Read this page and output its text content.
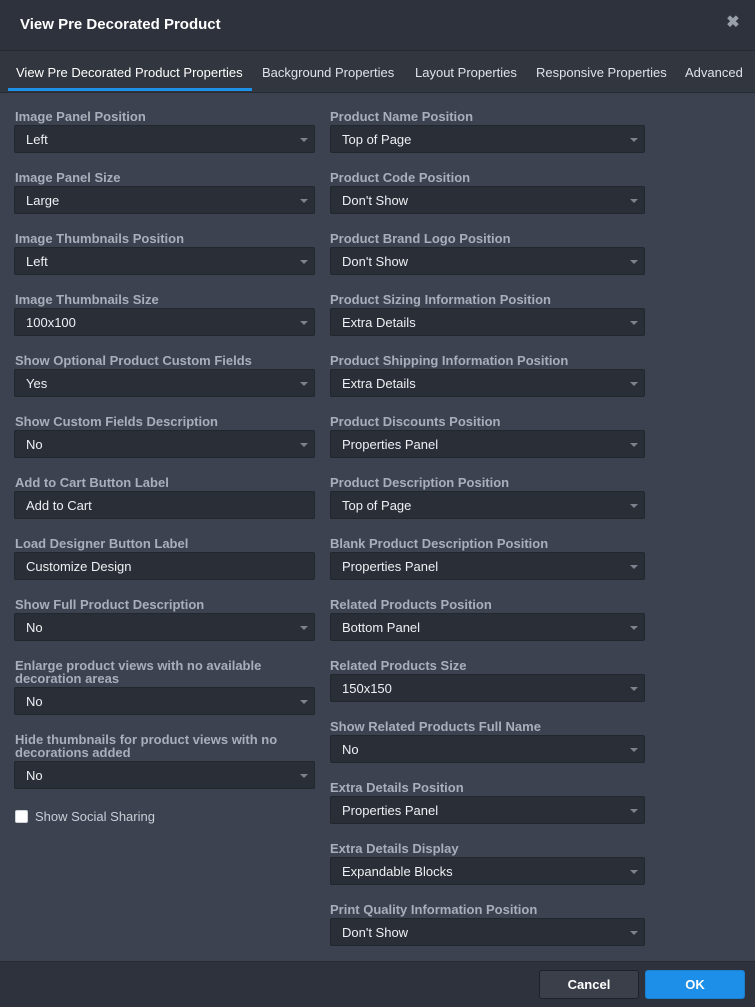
View Pre Decorated Product	✖
View Pre Decorated Product Properties Background Properties Layout Properties Responsive Properties Advanced
Image Panel Position
Left
Image Panel Size
Large
Image Thumbnails Position
Left
Image Thumbnails Size
100x100
Show Optional Product Custom Fields
Yes
Show Custom Fields Description
No
Add to Cart Button Label
Add to Cart
Load Designer Button Label
Customize Design
Show Full Product Description
No
Enlarge product views with no available decoration areas
No
Hide thumbnails for product views with no decorations added
No
Show Social Sharing
Product Name Position
Top of Page
Product Code Position
Don't Show
Product Brand Logo Position
Don't Show
Product Sizing Information Position
Extra Details
Product Shipping Information Position
Extra Details
Product Discounts Position
Properties Panel
Product Description Position
Top of Page
Blank Product Description Position
Properties Panel
Related Products Position
Bottom Panel
Related Products Size
150x150
Show Related Products Full Name
No
Extra Details Position
Properties Panel
Extra Details Display
Expandable Blocks
Print Quality Information Position
Don't Show
Cancel	OK
